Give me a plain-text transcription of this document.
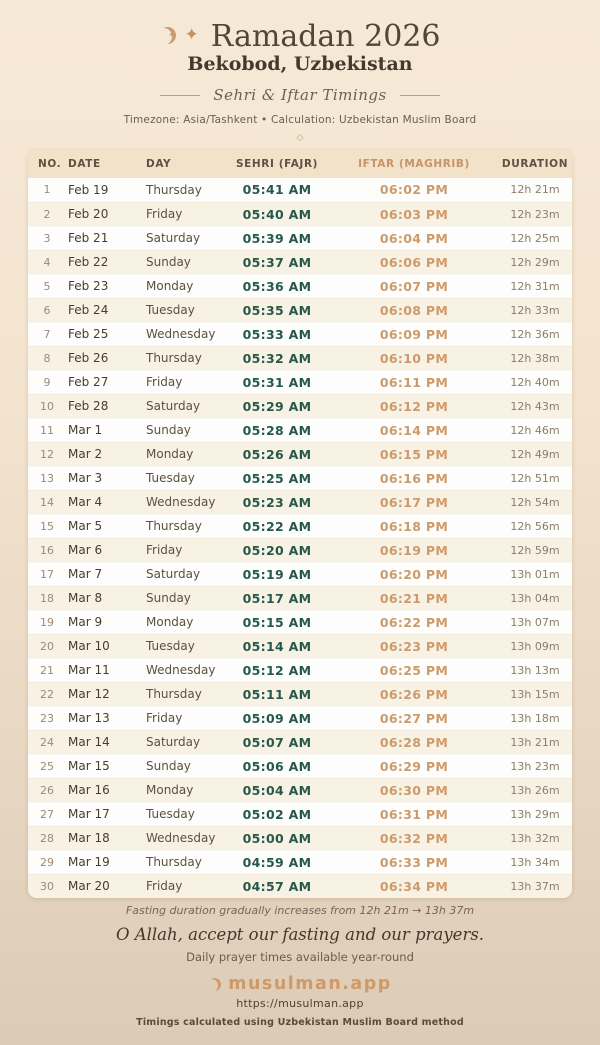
✦ ✦ Ramadan 2026
Bekobod, Uzbekistan
Sehri & Iftar Timings
Timezone: Asia/Tashkent • Calculation: Uzbekistan Muslim Board
◇
NO.	DATE	DAY	SEHRI (FAJR)	IFTAR (MAGHRIB)	DURATION
1	Feb 19	Thursday	05:41 AM	06:02 PM	12h 21m
2	Feb 20	Friday	05:40 AM	06:03 PM	12h 23m
3	Feb 21	Saturday	05:39 AM	06:04 PM	12h 25m
4	Feb 22	Sunday	05:37 AM	06:06 PM	12h 29m
5	Feb 23	Monday	05:36 AM	06:07 PM	12h 31m
6	Feb 24	Tuesday	05:35 AM	06:08 PM	12h 33m
7	Feb 25	Wednesday	05:33 AM	06:09 PM	12h 36m
8	Feb 26	Thursday	05:32 AM	06:10 PM	12h 38m
9	Feb 27	Friday	05:31 AM	06:11 PM	12h 40m
10	Feb 28	Saturday	05:29 AM	06:12 PM	12h 43m
11	Mar 1	Sunday	05:28 AM	06:14 PM	12h 46m
12	Mar 2	Monday	05:26 AM	06:15 PM	12h 49m
13	Mar 3	Tuesday	05:25 AM	06:16 PM	12h 51m
14	Mar 4	Wednesday	05:23 AM	06:17 PM	12h 54m
15	Mar 5	Thursday	05:22 AM	06:18 PM	12h 56m
16	Mar 6	Friday	05:20 AM	06:19 PM	12h 59m
17	Mar 7	Saturday	05:19 AM	06:20 PM	13h 01m
18	Mar 8	Sunday	05:17 AM	06:21 PM	13h 04m
19	Mar 9	Monday	05:15 AM	06:22 PM	13h 07m
20	Mar 10	Tuesday	05:14 AM	06:23 PM	13h 09m
21	Mar 11	Wednesday	05:12 AM	06:25 PM	13h 13m
22	Mar 12	Thursday	05:11 AM	06:26 PM	13h 15m
23	Mar 13	Friday	05:09 AM	06:27 PM	13h 18m
24	Mar 14	Saturday	05:07 AM	06:28 PM	13h 21m
25	Mar 15	Sunday	05:06 AM	06:29 PM	13h 23m
26	Mar 16	Monday	05:04 AM	06:30 PM	13h 26m
27	Mar 17	Tuesday	05:02 AM	06:31 PM	13h 29m
28	Mar 18	Wednesday	05:00 AM	06:32 PM	13h 32m
29	Mar 19	Thursday	04:59 AM	06:33 PM	13h 34m
30	Mar 20	Friday	04:57 AM	06:34 PM	13h 37m
Fasting duration gradually increases from 12h 21m → 13h 37m
O Allah, accept our fasting and our prayers.
Daily prayer times available year-round
musulman.app
https://musulman.app
Timings calculated using Uzbekistan Muslim Board method
